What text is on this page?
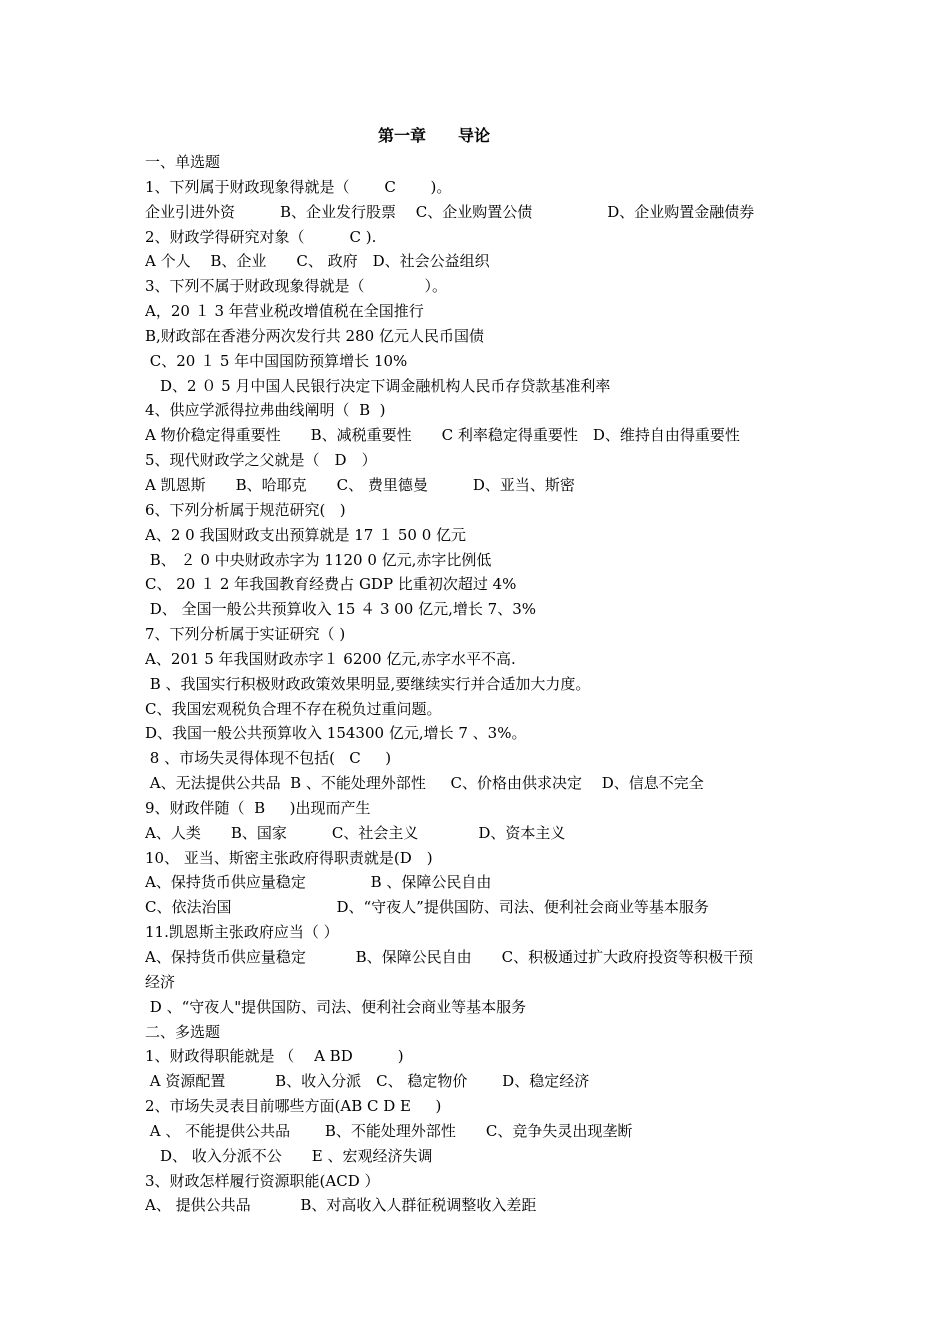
第一章　　导论
一、单选题
1、下列属于财政现象得就是（　　 C　　 )。
企业引进外资　　　B、企业发行股票　 C、企业购置公债　　　　　D、企业购置金融债券
2、财政学得研究对象（　　　C ).
A 个人　 B、企业　　C、 政府　D、社会公益组织
3、下列不属于财政现象得就是（　　　　）。
A，20 １ 3 年营业税改增值税在全国推行
B,财政部在香港分两次发行共 280 亿元人民币国债
C、20 １ 5 年中国国防预算增长 10%
　D、2 ０ 5 月中国人民银行决定下调金融机构人民币存贷款基准利率
4、供应学派得拉弗曲线阐明（  B  )
A 物价稳定得重要性　　B、减税重要性　　C 利率稳定得重要性　D、维持自由得重要性
5、现代财政学之父就是（　D　）
A 凯恩斯　　B、哈耶克　　C、 费里德曼　　　D、亚当、斯密
6、下列分析属于规范研究(   )
A、2 0 我国财政支出预算就是 17 １ 50 0 亿元
B、 ２ 0 中央财政赤字为 1120 0 亿元,赤字比例低
C、 20 １ 2 年我国教育经费占 GDP 比重初次超过 4%
D、 全国一般公共预算收入 15 ４ 3 00 亿元,增长 7、3%
7、下列分析属于实证研究（ )
A、201 5 年我国财政赤字１ 6200 亿元,赤字水平不高.
B 、我国实行积极财政政策效果明显,要继续实行并合适加大力度。
C、我国宏观税负合理不存在税负过重问题。
D、我国一般公共预算收入 154300 亿元,增长 7 、3%。
8 、市场失灵得体现不包括(   C　  )
A、无法提供公共品  B 、不能处理外部性　  C、价格由供求决定　 D、信息不完全
9、财政伴随（  B　  )出现而产生
A、人类　　B、国家　　　C、社会主义　　　　D、资本主义
10、 亚当、斯密主张政府得职责就是(D　)
A、保持货币供应量稳定　　　　 B 、保障公民自由
C、依法治国　　　　　　　D、“守夜人”提供国防、司法、便利社会商业等基本服务
11.凯恩斯主张政府应当（ ）
A、保持货币供应量稳定　　 　B、保障公民自由　　C、积极通过扩大政府投资等积极干预
经济
D 、“守夜人"提供国防、司法、便利社会商业等基本服务
二、多选题
1、财政得职能就是 （　 A BD　　　)
A 资源配置　　　 B、收入分派　C、 稳定物价　　 D、稳定经济
2、市场失灵表目前哪些方面(AB C D E 　 )
A 、 不能提供公共品　　 B、不能处理外部性　　C、竞争失灵出现垄断
　D、 收入分派不公　　E 、宏观经济失调
3、财政怎样履行资源职能(ACD ）
A、 提供公共品　　　 B、对高收入人群征税调整收入差距
